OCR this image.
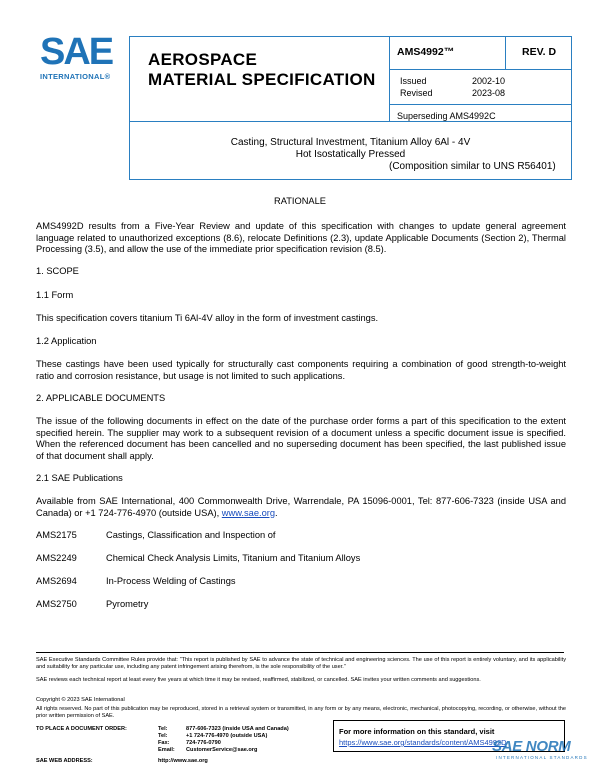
SAE
INTERNATIONAL®
AEROSPACE
MATERIAL SPECIFICATION
AMS4992™	REV. D
Issued	2002-10
Revised	2023-08
Superseding AMS4992C
Casting, Structural Investment, Titanium Alloy 6Al - 4V
Hot Isostatically Pressed
(Composition similar to UNS R56401)
RATIONALE
AMS4992D results from a Five-Year Review and update of this specification with changes to update general agreement language related to unauthorized exceptions (8.6), relocate Definitions (2.3), update Applicable Documents (Section 2), Thermal Processing (3.5), and allow the use of the immediate prior specification revision (8.5).
1. SCOPE
1.1 Form
This specification covers titanium Ti 6Al-4V alloy in the form of investment castings.
1.2 Application
These castings have been used typically for structurally cast components requiring a combination of good strength-to-weight ratio and corrosion resistance, but usage is not limited to such applications.
2. APPLICABLE DOCUMENTS
The issue of the following documents in effect on the date of the purchase order forms a part of this specification to the extent specified herein. The supplier may work to a subsequent revision of a document unless a specific document issue is specified. When the referenced document has been cancelled and no superseding document has been specified, the last published issue of that document shall apply.
2.1 SAE Publications
Available from SAE International, 400 Commonwealth Drive, Warrendale, PA 15096-0001, Tel: 877-606-7323 (inside USA and Canada) or +1 724-776-4970 (outside USA), www.sae.org.
AMS2175	Castings, Classification and Inspection of
AMS2249	Chemical Check Analysis Limits, Titanium and Titanium Alloys
AMS2694	In-Process Welding of Castings
AMS2750	Pyrometry
SAE Executive Standards Committee Rules provide that: “This report is published by SAE to advance the state of technical and engineering sciences. The use of this report is entirely voluntary, and its applicability and suitability for any particular use, including any patent infringement arising therefrom, is the sole responsibility of the user.”
SAE reviews each technical report at least every five years at which time it may be revised, reaffirmed, stabilized, or cancelled. SAE invites your written comments and suggestions.
Copyright © 2023 SAE International
All rights reserved. No part of this publication may be reproduced, stored in a retrieval system or transmitted, in any form or by any means, electronic, mechanical, photocopying, recording, or otherwise, without the prior written permission of SAE.
TO PLACE A DOCUMENT ORDER:	Tel:	877-606-7323 (inside USA and Canada)
Tel:	+1 724-776-4970 (outside USA)
Fax:	724-776-0790
Email: CustomerService@sae.org
SAE WEB ADDRESS:	http://www.sae.org
For more information on this standard, visit
https://www.sae.org/standards/content/AMS4992D
SAE NORM
INTERNATIONAL STANDARDS
